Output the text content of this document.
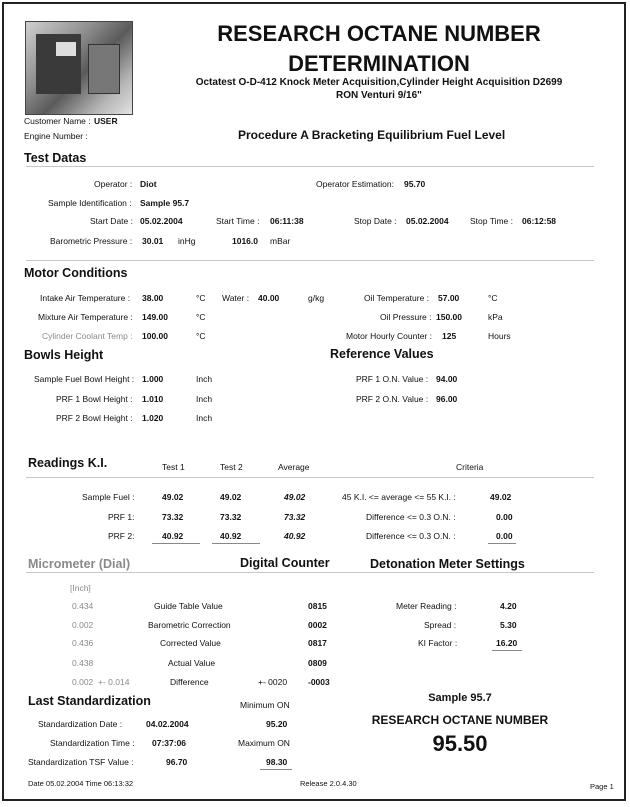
RESEARCH OCTANE NUMBER
DETERMINATION
Octatest O-D-412 Knock Meter Acquisition,Cylinder Height Acquisition D2699
RON Venturi 9/16"
Customer Name : USER
Engine Number :	Procedure A Bracketing Equilibrium Fuel Level
Test Datas
Operator : Diot	Operator Estimation: 95.70
Sample Identification : Sample 95.7
Start Date : 05.02.2004	Start Time : 06:11:38	Stop Date : 05.02.2004	Stop Time : 06:12:58
Barometric Pressure : 30.01 inHg	1016.0 mBar
Motor Conditions
Intake Air Temperature : 38.00	°C Water : 40.00	g/kg	Oil Temperature : 57.00	°C
Mixture Air Temperature : 149.00	°C	Oil Pressure : 150.00	kPa
Cylinder Coolant Temp : 100.00	°C	Motor Hourly Counter : 125	Hours
Bowls Height	Reference Values
Sample Fuel Bowl Height : 1.000	Inch	PRF 1 O.N. Value : 94.00
PRF 1 Bowl Height : 1.010	Inch	PRF 2 O.N. Value : 96.00
PRF 2 Bowl Height : 1.020	Inch
Readings K.I.	Test 1	Test 2	Average	Criteria
Sample Fuel :	49.02	49.02	49.02	45 K.I. <= average <= 55 K.I. :	49.02
PRF 1:	73.32	73.32	73.32	Difference <= 0.3 O.N. :	0.00
PRF 2:	40.92	40.92	40.92	Difference <= 0.3 O.N. :	0.00
Micrometer (Dial)	Digital Counter	Detonation Meter Settings
[Inch]
0.434	Guide Table Value	0815	Meter Reading :	4.20
0.002	Barometric Correction	0002	Spread :	5.30
0.436	Corrected Value	0817	KI Factor :	16.20
0.438	Actual Value	0809
0.002 +- 0.014	Difference	+- 0020 -0003
Last Standardization	Minimum ON
Standardization Date :	04.02.2004	95.20
Standardization Time : 07:37:06	Maximum ON
Standardization TSF Value :	96.70	98.30
Sample 95.7
RESEARCH OCTANE NUMBER
95.50
Date 05.02.2004 Time 06:13:32	Release 2.0.4.30	Page 1
